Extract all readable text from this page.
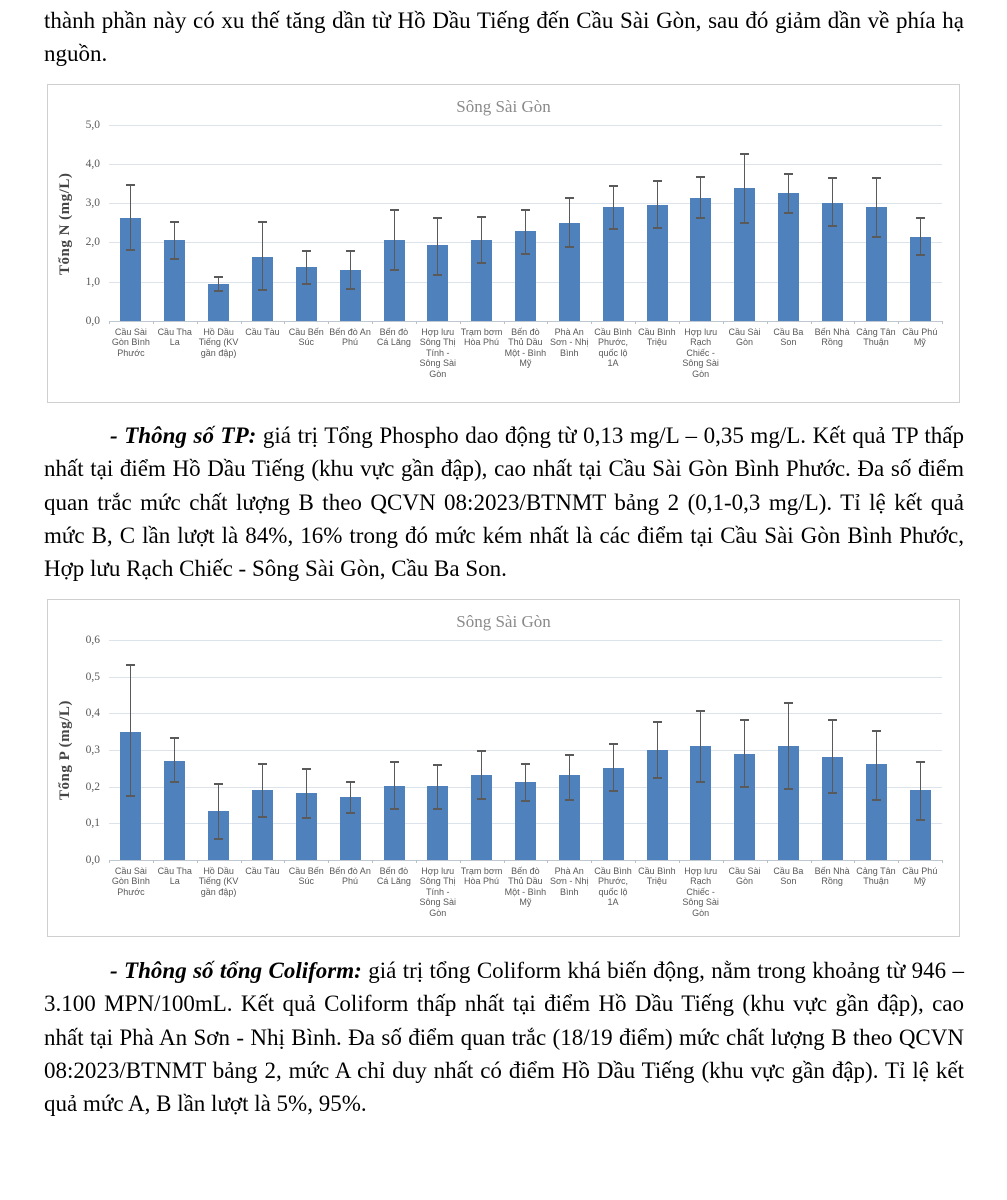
thành phần này có xu thế tăng dần từ Hồ Dầu Tiếng đến Cầu Sài Gòn, sau đó giảm dần về phía hạ nguồn.

Sông Sài Gòn
Tổng N (mg/L)
0,0
1,0
2,0
3,0
4,0
5,0
Cầu Sài Gòn Bình Phước
Cầu Tha La
Hồ Dầu Tiếng (KV gần đập)
Cầu Tàu	Cầu Bến Súc
Bến đò An Phú
Bến đò Cá Lăng
Hợp lưu Sông Thị Tính - Sông Sài Gòn
Trạm bơm Hòa Phú
Bến đò Thủ Dầu Một - Bình Mỹ
Phà An Sơn - Nhị Bình
Cầu Bình Phước, quốc lộ 1A
Cầu Bình Triệu
Hợp lưu Rạch Chiếc - Sông Sài Gòn
Cầu Sài Gòn
Cầu Ba Son
Bến Nhà Rồng
Cảng Tân Thuận
Cầu Phú Mỹ

- Thông số TP: giá trị Tổng Phospho dao động từ 0,13 mg/L – 0,35 mg/L. Kết quả TP thấp nhất tại điểm Hồ Dầu Tiếng (khu vực gần đập), cao nhất tại Cầu Sài Gòn Bình Phước. Đa số điểm quan trắc mức chất lượng B theo QCVN 08:2023/BTNMT bảng 2 (0,1-0,3 mg/L). Tỉ lệ kết quả mức B, C lần lượt là 84%, 16% trong đó mức kém nhất là các điểm tại Cầu Sài Gòn Bình Phước, Hợp lưu Rạch Chiếc - Sông Sài Gòn, Cầu Ba Son.

Sông Sài Gòn
Tổng P (mg/L)
0,0
0,1
0,2
0,3
0,4
0,5
0,6
Cầu Sài Gòn Bình Phước
Cầu Tha La
Hồ Dầu Tiếng (KV gần đập)
Cầu Tàu	Cầu Bến Súc
Bến đò An Phú
Bến đò Cá Lăng
Hợp lưu Sông Thị Tính - Sông Sài Gòn
Trạm bơm Hòa Phú
Bến đò Thủ Dầu Một - Bình Mỹ
Phà An Sơn - Nhị Bình
Cầu Bình Phước, quốc lộ 1A
Cầu Bình Triệu
Hợp lưu Rạch Chiếc - Sông Sài Gòn
Cầu Sài Gòn
Cầu Ba Son
Bến Nhà Rồng
Cảng Tân Thuận
Cầu Phú Mỹ

- Thông số tổng Coliform: giá trị tổng Coliform khá biến động, nằm trong khoảng từ 946 – 3.100 MPN/100mL. Kết quả Coliform thấp nhất tại điểm Hồ Dầu Tiếng (khu vực gần đập), cao nhất tại Phà An Sơn - Nhị Bình. Đa số điểm quan trắc (18/19 điểm) mức chất lượng B theo QCVN 08:2023/BTNMT bảng 2, mức A chỉ duy nhất có điểm Hồ Dầu Tiếng (khu vực gần đập). Tỉ lệ kết quả mức A, B lần lượt là 5%, 95%.
